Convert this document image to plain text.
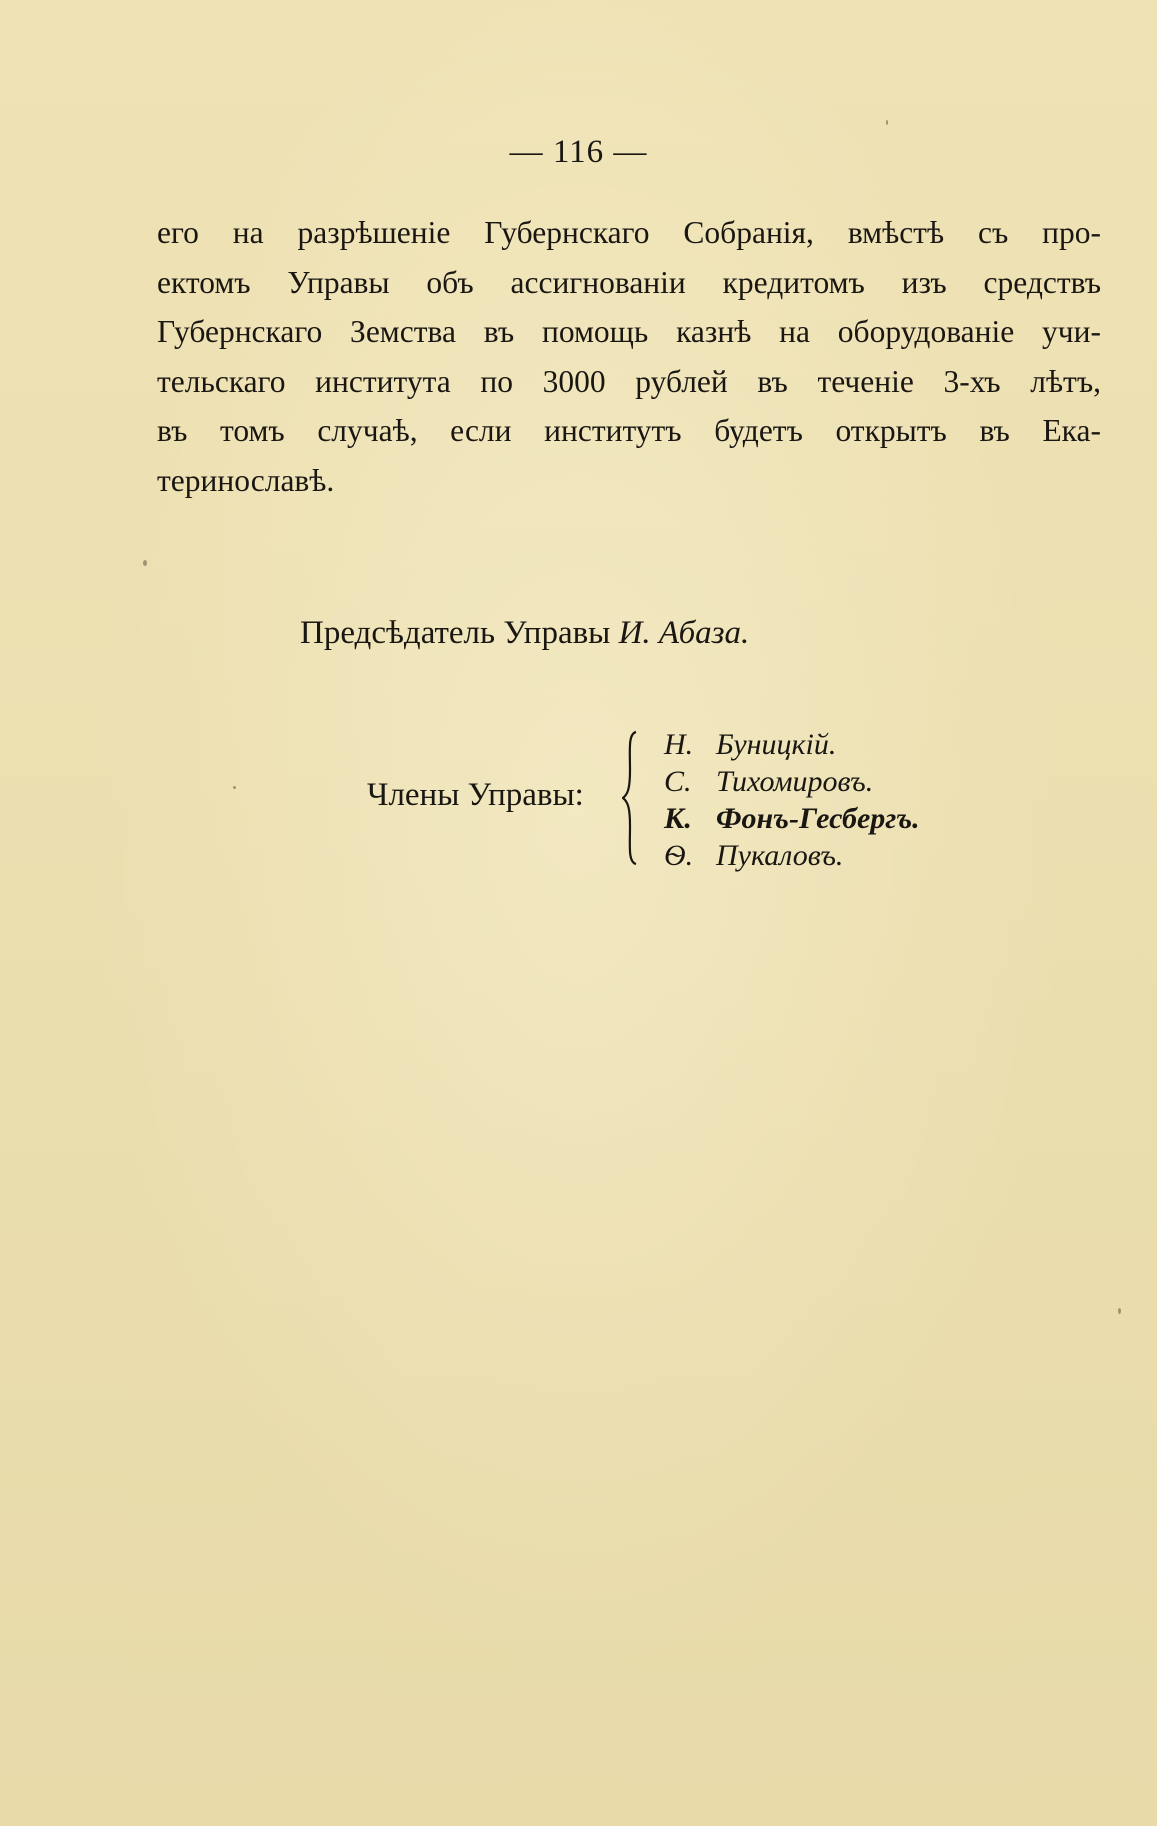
— 116 —
его на разрѣшеніе Губернскаго Собранія, вмѣстѣ съ про-
ектомъ Управы объ ассигнованіи кредитомъ изъ средствъ
Губернскаго Земства въ помощь казнѣ на оборудованіе учи-
тельскаго института по 3000 рублей въ теченіе 3-хъ лѣтъ,
въ томъ случаѣ, если институтъ будетъ открытъ въ Ека-
теринославѣ.
Предсѣдатель Управы И. Абаза.
Члены Управы:
Н. Буницкій.
С. Тихомировъ.
К. Фонъ-Гесбергъ.
Ѳ. Пукаловъ.
